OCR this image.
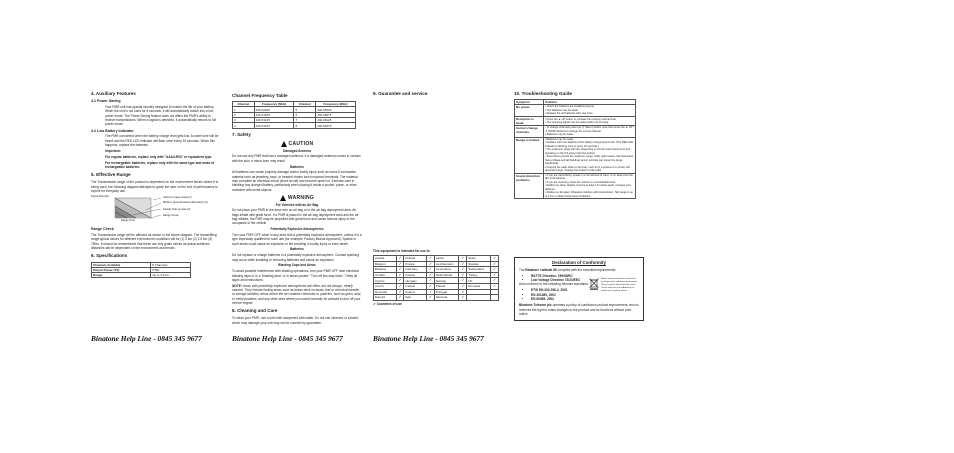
4. Auxiliary Features
4.1 Power Saving

Your PMR unit has special circuitry designed to extend the life of your battery. When the unit is not used for 6 seconds, it will automatically switch into a low power mode. The Power Saving feature does not affect the PMR's ability to receive transmissions. When a signal is detected, it automatically returns to full power mode.

4.2 Low Battery Indicator

The PMR can detect when the battery charge level gets low. An alert tone will be heard and the RED LED indicator will flash once every 15 seconds. When this happens, replace the batteries.

Important:

For regular batteries, replace only with "AAA/LR03" or equivalent type.

For rechargeable batteries, replace only with the same type and make of rechargeable batteries.

5. Effective Range

The Transmission range of the product is dependent on the environment terrain where it is being used, the following diagram attempts to guide the user on the sort of performance to expect for everyday use.

Signal Strength
Range (Km)
Optimum (open area) (1)
Medium (ground based obstruction) (2)
Heavily built up area (3)
Range Scope
Range Check

The Transmission range will be affected as shown in the above diagram. The transmitting range typical values for different environment conditions will be (1) 3 km (2) 1.5 km (3) 750m. It should be remembered that these are only guide values as actual achieved distances will be dependent on the environment and terrain.

6. Specifications
Channels Available	8 Channels
Output Power (TX)	0.5W
Range	Up to 3 Kms.
Channel Frequency Table
Channel	Frequency (MHz)	Channel	Frequency (MHz)
1	446.00625	5	446.05625
2	446.01875	6	446.06875
3	446.03125	7	446.08125
4	446.04375	8	446.09375
7. Safety
CAUTION

Damaged Antenna

Do not use any PMR that has a damaged antenna. If a damaged antenna comes in contact with the skin, a minor burn may result.

Batteries

All batteries can cause property damage and/or bodily injury such as burns if conductive material such as jewellery, keys, or beaded chains touch exposed terminals. The material may complete an electrical circuit (short circuit) and become quite hot. Exercise care in handling any charged battery, particularly when placing it inside a pocket, purse, or other container with metal objects.

WARNING

For Vehicles with an Air Bag

Do not place your PMR in the area over an air bag or in the air bag deployment area. Air bags inflate with great force. If a PMR is placed in the air bag deployment area and the air bag inflates, the PMR may be propelled with great force and cause serious injury to the occupants of the vehicle.

Potentially Explosive Atmospheres

Turn your PMR OFF when in any area with a potentially explosive atmosphere, unless it is a type especially qualified for such use (for example, Factory Mutual Approved). Sparks in such areas could cause an explosion or fire resulting in bodily injury or even death.

Batteries

Do not replace or charge batteries in a potentially explosive atmosphere. Contact sparking may occur while installing or removing batteries and cause an explosion.

Blasting Caps and Areas

To avoid possible interference with blasting operations, turn your PMR OFF near electrical blasting caps or in a "blasting area" or in areas posted: "Turn off two-way radio." Obey all signs and instructions.

NOTE: Areas with potentially explosive atmospheres are often, but not always, clearly marked. They include fueling areas such as below deck on boats; fuel or chemical transfer or storage facilities; areas where the air contains chemicals or particles, such as grain, dust, or metal powders; and any other area where you would normally be advised to turn off your vehicle engine.

8. Cleaning and Care

To clean your PMR, use a soft cloth dampened with water. Do not use cleaners or solvent, which may damage your unit may not be covered by guarantee.

9. Guarantee and service

This equipment is intended for use in:

Austria	✓	Finland	✓	Latvia	✓	Spain	✓
Belgium	✓	France	✓	Liechtenstein	✓	Sweden	✓
Bulgaria	✓	Germany	✓	Luxemburg	✓	Switzerland	✓
Croatia	✓	Greece	✓	Netherlands	✓	Turkey	✓
Cyprus	✓	Hungary	✓	Norway	✓	UK	✓
Czech	✓	Iceland	✓	Poland	✓	Romania	✓
Denmark	✓	Ireland	✓	Portugal	✓		
Estonia	✓	Italy	✓	Slovenia	✓		

✓ Countries of use

10. Troubleshooting Guide
Symptom	Solution
No power.	• Check the batteries are installed properly.
• The batteries may be weak.
• Replace the old batteries with new ones.

Reception is weak.	• Press the ▲ UP button to increase the receiver volume level.
• The receiving signal may be weak and/or out of range.

Cannot change channels.	• To change channels press the Ⓜ (Menu) button once then press the ▲ UP / ▼ DOWN buttons to change the current channel.
• Batteries may be weak.

Range is limited.	• Batteries may be weak.
• Replace with new batteries if the battery charge level is low. (The RED LED indicator is flashing once in every 15 seconds.)
• The maximum range will vary depending on terrain and environment and operating on the 0.5 power high line setting.
• Steel frame provide the maximum range, while radio towers, tall obstruction, heavy foliage and tall buildings and in vehicles can impair the range significantly.
• Keeping the radio close to the body, such as in a pocket or on a belt, will decrease range. Change the location of the radio.

Sound distortion problems.	• If you are transmitting, speak in a normal tone of voice, 5 cm away from the Mic (microphone).
• If you are receiving, lower the volume to a comfortable level.
• Radios too close. Radios must be at least 1.5 meters apart, increase your distance.
• Radios too far apart. Obstacles interfere with transmission. Talk range is up to 3 Km in ideal environment conditions.

Declaration of Conformity

The Binatone Latitude 80 complies with the essential requirements:

• R&TTE Directive, 1999/5/EC
• Low Voltage Directive 73/23/EEC

And conforms to the following relevant standards:

• ETSI EN 300 296-2, 2001
• EN 301489, 2002
• EN 60065, 2002
Waste electrical products should not be disposed of with household waste. Please recycle where facilities exist. Check with your Local Authority or retailer for recycling advice.

Binatone Telecom plc operates a policy of continuous product improvement, and so reserves the right to make changes to the product and its functions without prior notice.

Binatone Help Line - 0845 345 9677	Binatone Help Line - 0845 345 9677	Binatone Help Line - 0845 345 9677
